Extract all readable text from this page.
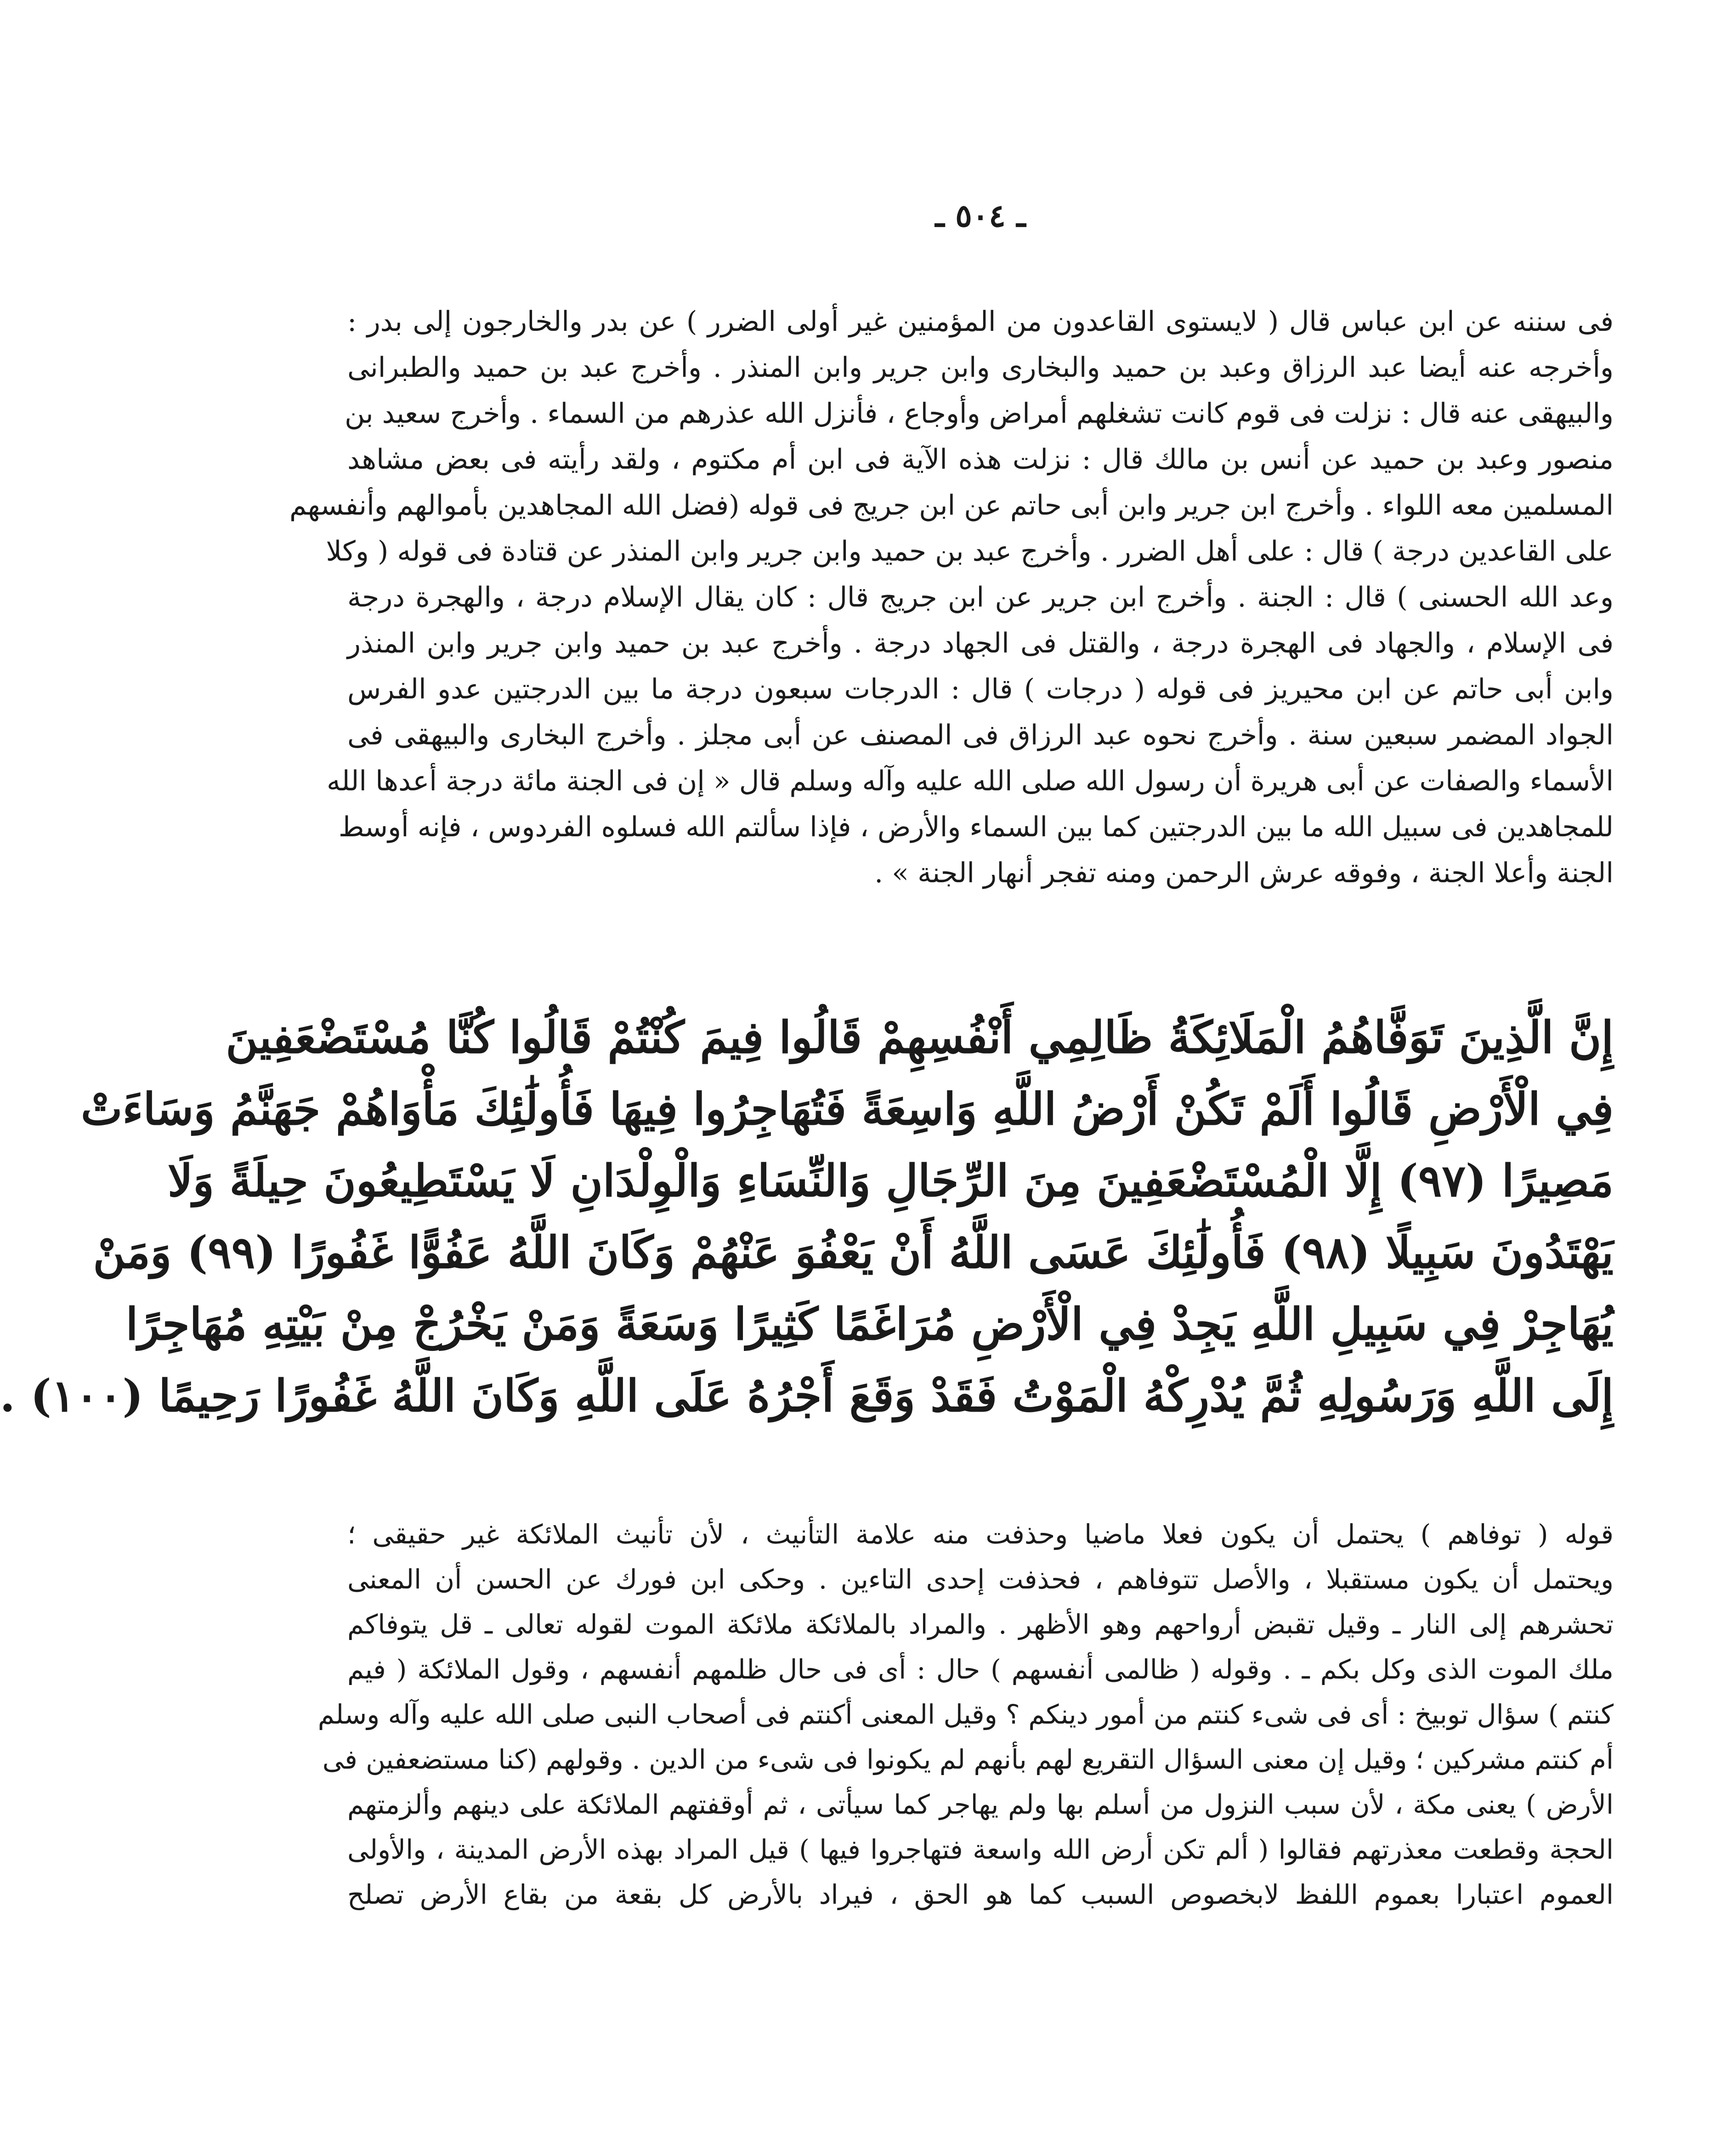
ـ ٥٠٤ ـ
فى سننه عن ابن عباس قال ( لايستوى القاعدون من المؤمنين غير أولى الضرر ) عن بدر والخارجون إلى بدر :
وأخرجه عنه أيضا عبد الرزاق وعبد بن حميد والبخارى وابن جرير وابن المنذر . وأخرج عبد بن حميد والطبرانى
والبيهقى عنه قال : نزلت فى قوم كانت تشغلهم أمراض وأوجاع ، فأنزل الله عذرهم من السماء . وأخرج سعيد بن
منصور وعبد بن حميد عن أنس بن مالك قال : نزلت هذه الآية فى ابن أم مكتوم ، ولقد رأيته فى بعض مشاهد
المسلمين معه اللواء . وأخرج ابن جرير وابن أبى حاتم عن ابن جريج فى قوله (فضل الله المجاهدين بأموالهم وأنفسهم
على القاعدين درجة ) قال : على أهل الضرر . وأخرج عبد بن حميد وابن جرير وابن المنذر عن قتادة فى قوله ( وكلا
وعد الله الحسنى ) قال : الجنة . وأخرج ابن جرير عن ابن جريج قال : كان يقال الإسلام درجة ، والهجرة درجة
فى الإسلام ، والجهاد فى الهجرة درجة ، والقتل فى الجهاد درجة . وأخرج عبد بن حميد وابن جرير وابن المنذر
وابن أبى حاتم عن ابن محيريز فى قوله ( درجات ) قال : الدرجات سبعون درجة ما بين الدرجتين عدو الفرس
الجواد المضمر سبعين سنة . وأخرج نحوه عبد الرزاق فى المصنف عن أبى مجلز . وأخرج البخارى والبيهقى فى
الأسماء والصفات عن أبى هريرة أن رسول الله صلى الله عليه وآله وسلم قال « إن فى الجنة مائة درجة أعدها الله
للمجاهدين فى سبيل الله ما بين الدرجتين كما بين السماء والأرض ، فإذا سألتم الله فسلوه الفردوس ، فإنه أوسط
الجنة وأعلا الجنة ، وفوقه عرش الرحمن ومنه تفجر أنهار الجنة » .
إِنَّ الَّذِينَ تَوَفَّاهُمُ الْمَلَائِكَةُ ظَالِمِي أَنْفُسِهِمْ قَالُوا فِيمَ كُنْتُمْ قَالُوا كُنَّا مُسْتَضْعَفِينَ
فِي الْأَرْضِ قَالُوا أَلَمْ تَكُنْ أَرْضُ اللَّهِ وَاسِعَةً فَتُهَاجِرُوا فِيهَا فَأُولَٰئِكَ مَأْوَاهُمْ جَهَنَّمُ وَسَاءَتْ
مَصِيرًا (٩٧) إِلَّا الْمُسْتَضْعَفِينَ مِنَ الرِّجَالِ وَالنِّسَاءِ وَالْوِلْدَانِ لَا يَسْتَطِيعُونَ حِيلَةً وَلَا
يَهْتَدُونَ سَبِيلًا (٩٨) فَأُولَٰئِكَ عَسَى اللَّهُ أَنْ يَعْفُوَ عَنْهُمْ وَكَانَ اللَّهُ عَفُوًّا غَفُورًا (٩٩) وَمَنْ
يُهَاجِرْ فِي سَبِيلِ اللَّهِ يَجِدْ فِي الْأَرْضِ مُرَاغَمًا كَثِيرًا وَسَعَةً وَمَنْ يَخْرُجْ مِنْ بَيْتِهِ مُهَاجِرًا
إِلَى اللَّهِ وَرَسُولِهِ ثُمَّ يُدْرِكْهُ الْمَوْتُ فَقَدْ وَقَعَ أَجْرُهُ عَلَى اللَّهِ وَكَانَ اللَّهُ غَفُورًا رَحِيمًا (١٠٠) .
قوله ( توفاهم ) يحتمل أن يكون فعلا ماضيا وحذفت منه علامة التأنيث ، لأن تأنيث الملائكة غير حقيقى ؛
ويحتمل أن يكون مستقبلا ، والأصل تتوفاهم ، فحذفت إحدى التاءين . وحكى ابن فورك عن الحسن أن المعنى
تحشرهم إلى النار ـ وقيل تقبض أرواحهم وهو الأظهر . والمراد بالملائكة ملائكة الموت لقوله تعالى ـ قل يتوفاكم
ملك الموت الذى وكل بكم ـ . وقوله ( ظالمى أنفسهم ) حال : أى فى حال ظلمهم أنفسهم ، وقول الملائكة ( فيم
كنتم ) سؤال توبيخ : أى فى شىء كنتم من أمور دينكم ؟ وقيل المعنى أكنتم فى أصحاب النبى صلى الله عليه وآله وسلم
أم كنتم مشركين ؛ وقيل إن معنى السؤال التقريع لهم بأنهم لم يكونوا فى شىء من الدين . وقولهم (كنا مستضعفين فى
الأرض ) يعنى مكة ، لأن سبب النزول من أسلم بها ولم يهاجر كما سيأتى ، ثم أوقفتهم الملائكة على دينهم وألزمتهم
الحجة وقطعت معذرتهم فقالوا ( ألم تكن أرض الله واسعة فتهاجروا فيها ) قيل المراد بهذه الأرض المدينة ، والأولى
العموم اعتبارا بعموم اللفظ لابخصوص السبب كما هو الحق ، فيراد بالأرض كل بقعة من بقاع الأرض تصلح
